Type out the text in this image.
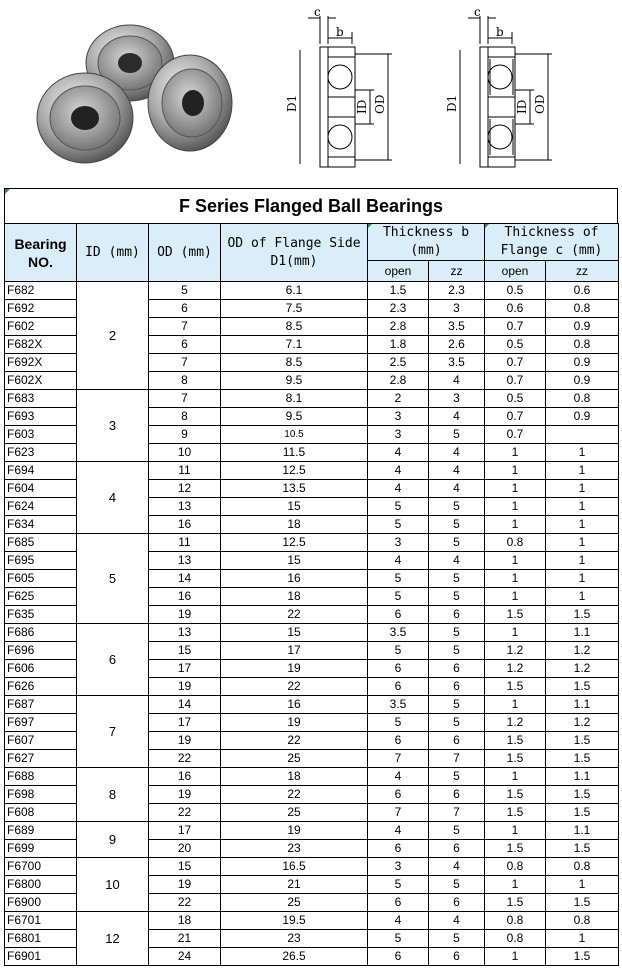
c
b
D1	ID OD
c
b
D1	ID OD
F Series Flanged Ball Bearings
Bearing NO.	ID (mm)	OD (mm)	OD of Flange Side D1(mm)	Thickness b (mm)		Thickness of Flange c (mm)	
				open	zz	open	zz
F682	2	5	6.1	1.5	2.3	0.5	0.6
F692		6	7.5	2.3	3	0.6	0.8
F602		7	8.5	2.8	3.5	0.7	0.9
F682X		6	7.1	1.8	2.6	0.5	0.8
F692X		7	8.5	2.5	3.5	0.7	0.9
F602X		8	9.5	2.8	4	0.7	0.9
F683	3	7	8.1	2	3	0.5	0.8
F693		8	9.5	3	4	0.7	0.9
F603		9	10.5	3	5	0.7	
F623		10	11.5	4	4	1	1
F694	4	11	12.5	4	4	1	1
F604		12	13.5	4	4	1	1
F624		13	15	5	5	1	1
F634		16	18	5	5	1	1
F685	5	11	12.5	3	5	0.8	1
F695		13	15	4	4	1	1
F605		14	16	5	5	1	1
F625		16	18	5	5	1	1
F635		19	22	6	6	1.5	1.5
F686	6	13	15	3.5	5	1	1.1
F696		15	17	5	5	1.2	1.2
F606		17	19	6	6	1.2	1.2
F626		19	22	6	6	1.5	1.5
F687	7	14	16	3.5	5	1	1.1
F697		17	19	5	5	1.2	1.2
F607		19	22	6	6	1.5	1.5
F627		22	25	7	7	1.5	1.5
F688	8	16	18	4	5	1	1.1
F698		19	22	6	6	1.5	1.5
F608		22	25	7	7	1.5	1.5
F689	9	17	19	4	5	1	1.1
F699		20	23	6	6	1.5	1.5
F6700	10	15	16.5	3	4	0.8	0.8
F6800		19	21	5	5	1	1
F6900		22	25	6	6	1.5	1.5
F6701	12	18	19.5	4	4	0.8	0.8
F6801		21	23	5	5	0.8	1
F6901		24	26.5	6	6	1	1.5
